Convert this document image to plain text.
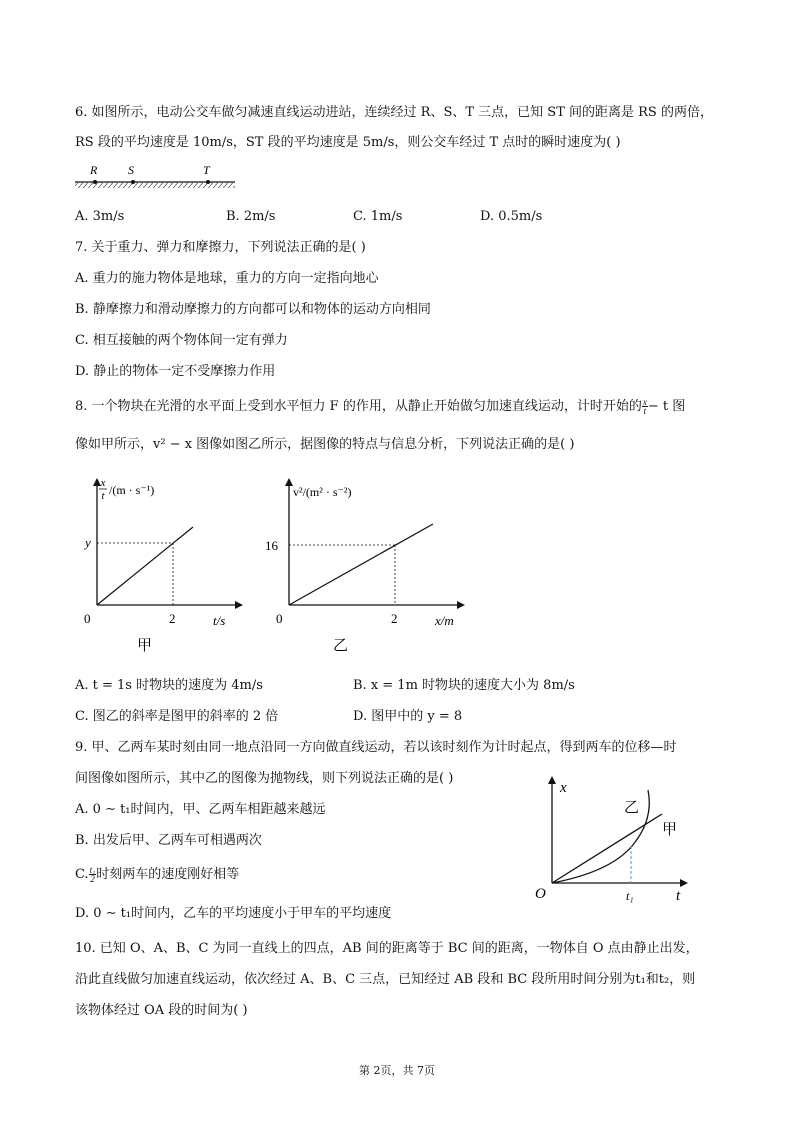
6. 如图所示，电动公交车做匀减速直线运动进站，连续经过 R、S、T 三点，已知 ST 间的距离是 RS 的两倍，
RS 段的平均速度是 10m/s，ST 段的平均速度是 5m/s，则公交车经过 T 点时的瞬时速度为( )
R	S	T
A. 3m/s	B. 2m/s	C. 1m/s	D. 0.5m/s
7. 关于重力、弹力和摩擦力，下列说法正确的是( )
A. 重力的施力物体是地球，重力的方向一定指向地心
B. 静摩擦力和滑动摩擦力的方向都可以和物体的运动方向相同
C. 相互接触的两个物体间一定有弹力
D. 静止的物体一定不受摩擦力作用
8. 一个物块在光滑的水平面上受到水平恒力 F 的作用，从静止开始做匀加速直线运动，计时开始的 $\frac{x}{t} - t$ 图
像如甲所示，v² − x 图像如图乙所示，据图像的特点与信息分析，下列说法正确的是( )
x
t /(m · s⁻¹)
y
2
0	t/s
甲
v²/(m² · s⁻²)
16
2
0	x/m
乙
A. t = 1s 时物块的速度为 4m/s	B. x = 1m 时物块的速度大小为 8m/s
C. 图乙的斜率是图甲的斜率的 2 倍	D. 图甲中的 y = 8
9. 甲、乙两车某时刻由同一地点沿同一方向做直线运动，若以该时刻作为计时起点，得到两车的位移—时
间图像如图所示，其中乙的图像为抛物线，则下列说法正确的是( )
A. 0 ∼ t₁时间内，甲、乙两车相距越来越远
B. 出发后甲、乙两车可相遇两次
C. $\frac{\text{t₁}}{2}$ 时刻两车的速度刚好相等
D. 0 ∼ t₁时间内，乙车的平均速度小于甲车的平均速度
x
O	t₁	t
乙
甲
10. 已知 O、A、B、C 为同一直线上的四点，AB 间的距离等于 BC 间的距离，一物体自 O 点由静止出发，
沿此直线做匀加速直线运动，依次经过 A、B、C 三点，已知经过 AB 段和 BC 段所用时间分别为t₁和t₂，则
该物体经过 OA 段的时间为( )
第 2页，共 7页
